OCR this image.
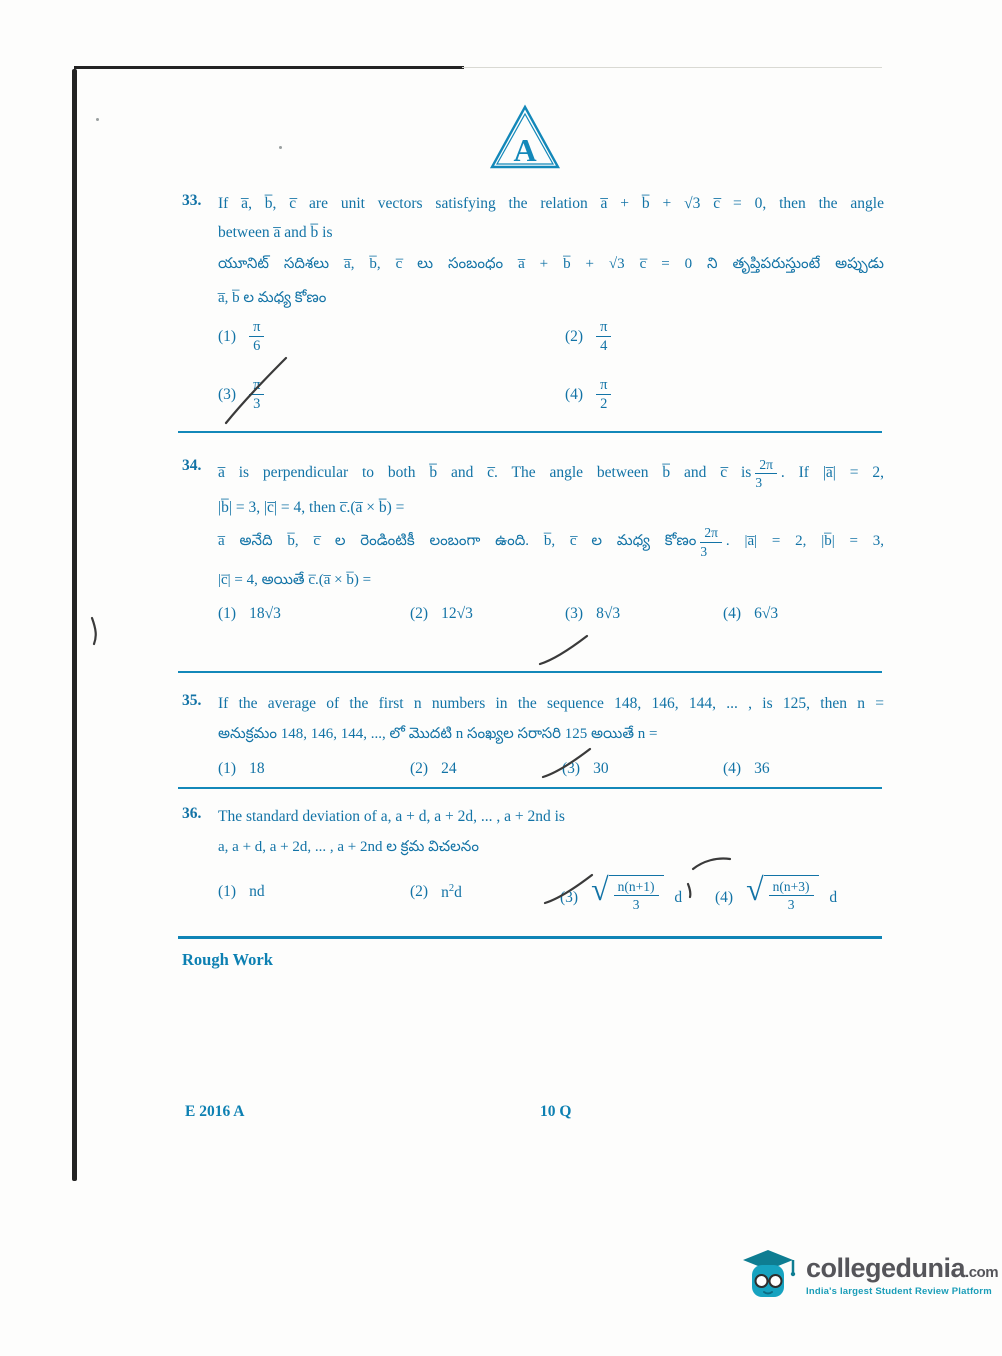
A
33.	If a̅, b̅, c̅ are unit vectors satisfying the relation a̅ + b̅ + √3 c̅ = 0, then the angle
between a̅ and b̅ is
యూనిట్ సదిశలు a̅, b̅, c̅ లు సంబంధం a̅ + b̅ + √3 c̅ = 0 ని తృప్తిపరుస్తుంటే అప్పుడు
a̅, b̅ ల మధ్య కోణం
$(1) \frac{\pi}{6}$	$(2) \frac{\pi}{4}$
$(3) \frac{\pi}{3}$	$(4) \frac{\pi}{2}$
34.	a̅ is perpendicular to both b̅ and c̅. The angle between b̅ and c̅ is $\frac{2\pi}{3}$ . If |a̅| = 2,
|b̅| = 3, |c̅| = 4, then c̅.(a̅ × b̅) =
a̅ అనేది b̅, c̅ ల రెండింటికీ లంబంగా ఉంది. b̅, c̅ ల మధ్య కోణం $\frac{2\pi}{3}$ . |a̅| = 2, |b̅| = 3,
|c̅| = 4, అయితే c̅.(a̅ × b̅) =
(1) 18√3	(2) 12√3	(3) 8√3	(4) 6√3
35.	If the average of the first n numbers in the sequence 148, 146, 144, ... , is 125, then n =
అనుక్రమం 148, 146, 144, ..., లో మొదటి n సంఖ్యల సరాసరి 125 అయితే n =
(1) 18	(2) 24	(3) 30	(4) 36
36.	The standard deviation of a, a + d, a + 2d, ... , a + 2nd is
a, a + d, a + 2d, ... , a + 2nd ల క్రమ విచలనం
(1) nd	(2) $n^2d$	(3) √ $\frac{n(n+1)}{3}$ d (4) √ $\frac{n(n+3)}{3}$ d
Rough Work
E 2016 A	10 Q
collegedunia.com
India's largest Student Review Platform
